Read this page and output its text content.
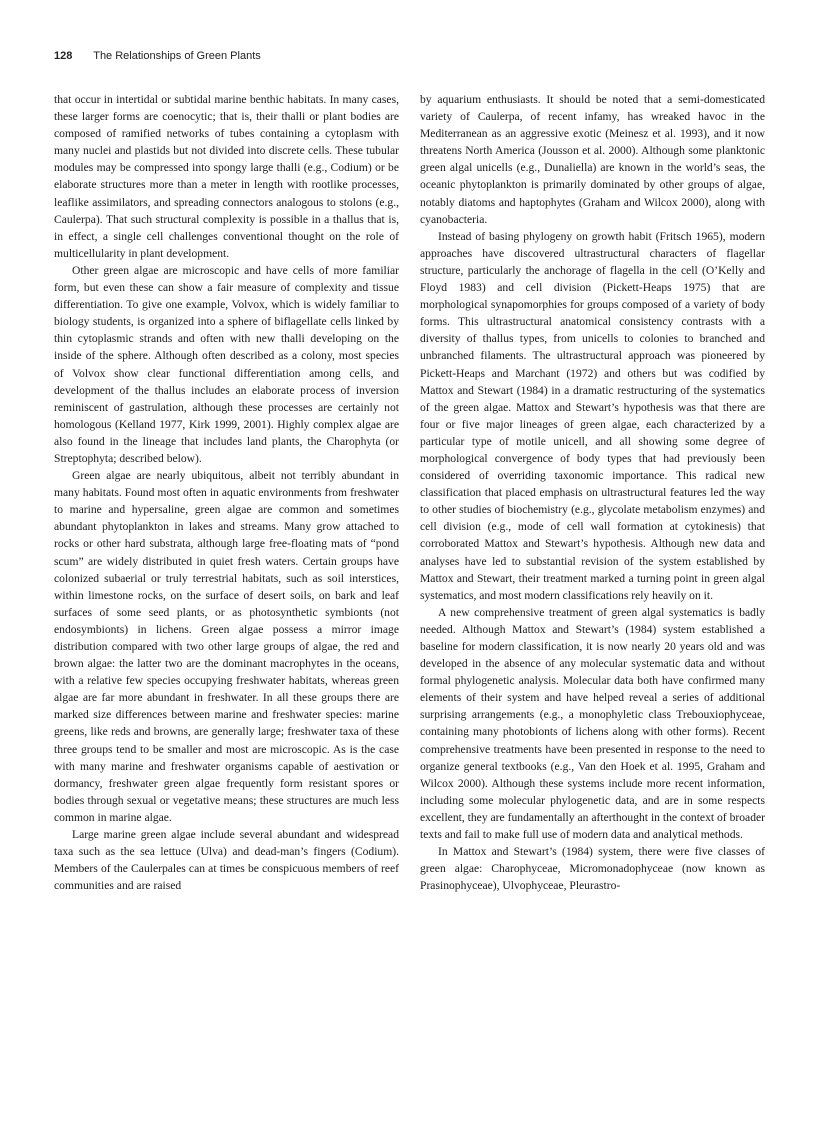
128 The Relationships of Green Plants

that occur in intertidal or subtidal marine benthic habitats. In many cases, these larger forms are coenocytic; that is, their thalli or plant bodies are composed of ramified networks of tubes containing a cytoplasm with many nuclei and plastids but not divided into discrete cells. These tubular modules may be compressed into spongy large thalli (e.g., Codium) or be elaborate structures more than a meter in length with rootlike processes, leaflike assimilators, and spreading connectors analogous to stolons (e.g., Caulerpa). That such structural complexity is possible in a thallus that is, in effect, a single cell challenges conventional thought on the role of multicellularity in plant development.

Other green algae are microscopic and have cells of more familiar form, but even these can show a fair measure of complexity and tissue differentiation. To give one example, Volvox, which is widely familiar to biology students, is organized into a sphere of biflagellate cells linked by thin cytoplasmic strands and often with new thalli developing on the inside of the sphere. Although often described as a colony, most species of Volvox show clear functional differentiation among cells, and development of the thallus includes an elaborate process of inversion reminiscent of gastrulation, although these processes are certainly not homologous (Kelland 1977, Kirk 1999, 2001). Highly complex algae are also found in the lineage that includes land plants, the Charophyta (or Streptophyta; described below).

Green algae are nearly ubiquitous, albeit not terribly abundant in many habitats. Found most often in aquatic environments from freshwater to marine and hypersaline, green algae are common and sometimes abundant phytoplankton in lakes and streams. Many grow attached to rocks or other hard substrata, although large free-floating mats of “pond scum” are widely distributed in quiet fresh waters. Certain groups have colonized subaerial or truly terrestrial habitats, such as soil interstices, within limestone rocks, on the surface of desert soils, on bark and leaf surfaces of some seed plants, or as photosynthetic symbionts (not endosymbionts) in lichens. Green algae possess a mirror image distribution compared with two other large groups of algae, the red and brown algae: the latter two are the dominant macrophytes in the oceans, with a relative few species occupying freshwater habitats, whereas green algae are far more abundant in freshwater. In all these groups there are marked size differences between marine and freshwater species: marine greens, like reds and browns, are generally large; freshwater taxa of these three groups tend to be smaller and most are microscopic. As is the case with many marine and freshwater organisms capable of aestivation or dormancy, freshwater green algae frequently form resistant spores or bodies through sexual or vegetative means; these structures are much less common in marine algae.

Large marine green algae include several abundant and widespread taxa such as the sea lettuce (Ulva) and dead-man’s fingers (Codium). Members of the Caulerpales can at times be conspicuous members of reef communities and are raised

by aquarium enthusiasts. It should be noted that a semi-domesticated variety of Caulerpa, of recent infamy, has wreaked havoc in the Mediterranean as an aggressive exotic (Meinesz et al. 1993), and it now threatens North America (Jousson et al. 2000). Although some planktonic green algal unicells (e.g., Dunaliella) are known in the world’s seas, the oceanic phytoplankton is primarily dominated by other groups of algae, notably diatoms and haptophytes (Graham and Wilcox 2000), along with cyanobacteria.

Instead of basing phylogeny on growth habit (Fritsch 1965), modern approaches have discovered ultrastructural characters of flagellar structure, particularly the anchorage of flagella in the cell (O’Kelly and Floyd 1983) and cell division (Pickett-Heaps 1975) that are morphological synapomorphies for groups composed of a variety of body forms. This ultrastructural anatomical consistency contrasts with a diversity of thallus types, from unicells to colonies to branched and unbranched filaments. The ultrastructural approach was pioneered by Pickett-Heaps and Marchant (1972) and others but was codified by Mattox and Stewart (1984) in a dramatic restructuring of the systematics of the green algae. Mattox and Stewart’s hypothesis was that there are four or five major lineages of green algae, each characterized by a particular type of motile unicell, and all showing some degree of morphological convergence of body types that had previously been considered of overriding taxonomic importance. This radical new classification that placed emphasis on ultrastructural features led the way to other studies of biochemistry (e.g., glycolate metabolism enzymes) and cell division (e.g., mode of cell wall formation at cytokinesis) that corroborated Mattox and Stewart’s hypothesis. Although new data and analyses have led to substantial revision of the system established by Mattox and Stewart, their treatment marked a turning point in green algal systematics, and most modern classifications rely heavily on it.

A new comprehensive treatment of green algal systematics is badly needed. Although Mattox and Stewart’s (1984) system established a baseline for modern classification, it is now nearly 20 years old and was developed in the absence of any molecular systematic data and without formal phylogenetic analysis. Molecular data both have confirmed many elements of their system and have helped reveal a series of additional surprising arrangements (e.g., a monophyletic class Trebouxiophyceae, containing many photobionts of lichens along with other forms). Recent comprehensive treatments have been presented in response to the need to organize general textbooks (e.g., Van den Hoek et al. 1995, Graham and Wilcox 2000). Although these systems include more recent information, including some molecular phylogenetic data, and are in some respects excellent, they are fundamentally an afterthought in the context of broader texts and fail to make full use of modern data and analytical methods.

In Mattox and Stewart’s (1984) system, there were five classes of green algae: Charophyceae, Micromonadophyceae (now known as Prasinophyceae), Ulvophyceae, Pleurastro-
